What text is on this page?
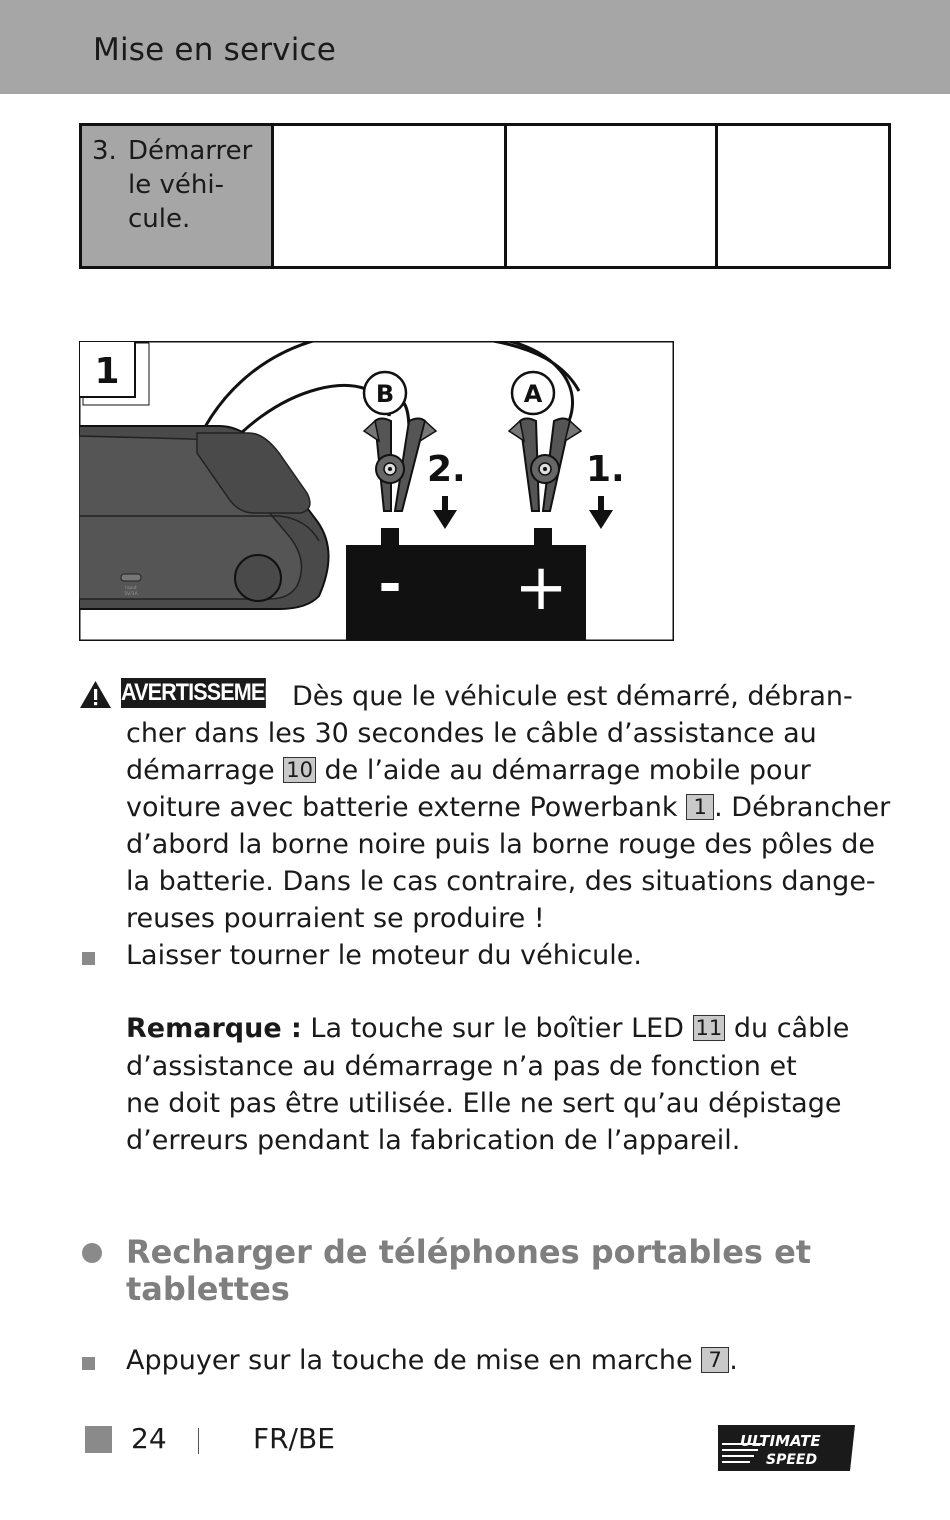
Mise en service
3. Démarrer
le véhi-
cule.
1
Input
5V/1A
B	A
2.	1.
- +
AVERTISSEMENT Dès que le véhicule est démarré, débran-
cher dans les 30 secondes le câble d’assistance au
démarrage 10 de l’aide au démarrage mobile pour
voiture avec batterie externe Powerbank 1 . Débrancher
d’abord la borne noire puis la borne rouge des pôles de
la batterie. Dans le cas contraire, des situations dange-
reuses pourraient se produire !
Laisser tourner le moteur du véhicule.
Remarque : La touche sur le boîtier LED 11 du câble
d’assistance au démarrage n’a pas de fonction et
ne doit pas être utilisée. Elle ne sert qu’au dépistage
d’erreurs pendant la fabrication de l’appareil.
Recharger de téléphones portables et tablettes
Appuyer sur la touche de mise en marche 7 .
24	FR/BE	ULTIMATE
SPEED
